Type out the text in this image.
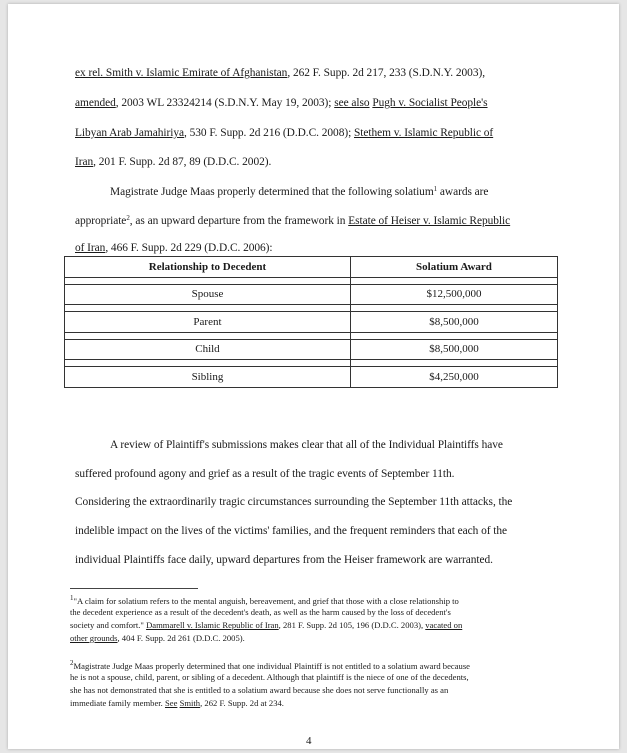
ex rel. Smith v. Islamic Emirate of Afghanistan, 262 F. Supp. 2d 217, 233 (S.D.N.Y. 2003),
amended, 2003 WL 23324214 (S.D.N.Y. May 19, 2003); see also Pugh v. Socialist People's
Libyan Arab Jamahiriya, 530 F. Supp. 2d 216 (D.D.C. 2008); Stethem v. Islamic Republic of
Iran, 201 F. Supp. 2d 87, 89 (D.D.C. 2002).
Magistrate Judge Maas properly determined that the following solatium$^1$ awards are
appropriate$^2$, as an upward departure from the framework in Estate of Heiser v. Islamic Republic
of Iran, 466 F. Supp. 2d 229 (D.D.C. 2006):
Relationship to Decedent	Solatium Award

Spouse	$12,500,000

Parent	$8,500,000

Child	$8,500,000

Sibling	$4,250,000
A review of Plaintiff's submissions makes clear that all of the Individual Plaintiffs have
suffered profound agony and grief as a result of the tragic events of September 11th.
Considering the extraordinarily tragic circumstances surrounding the September 11th attacks, the
indelible impact on the lives of the victims' families, and the frequent reminders that each of the
individual Plaintiffs face daily, upward departures from the Heiser framework are warranted.
$^1$"A claim for solatium refers to the mental anguish, bereavement, and grief that those with a close relationship to
the decedent experience as a result of the decedent's death, as well as the harm caused by the loss of decedent's
society and comfort." Dammarell v. Islamic Republic of Iran, 281 F. Supp. 2d 105, 196 (D.D.C. 2003), vacated on
other grounds, 404 F. Supp. 2d 261 (D.D.C. 2005).
$^2$Magistrate Judge Maas properly determined that one individual Plaintiff is not entitled to a solatium award because
he is not a spouse, child, parent, or sibling of a decedent. Although that plaintiff is the niece of one of the decedents,
she has not demonstrated that she is entitled to a solatium award because she does not serve functionally as an
immediate family member. See Smith, 262 F. Supp. 2d at 234.
4
